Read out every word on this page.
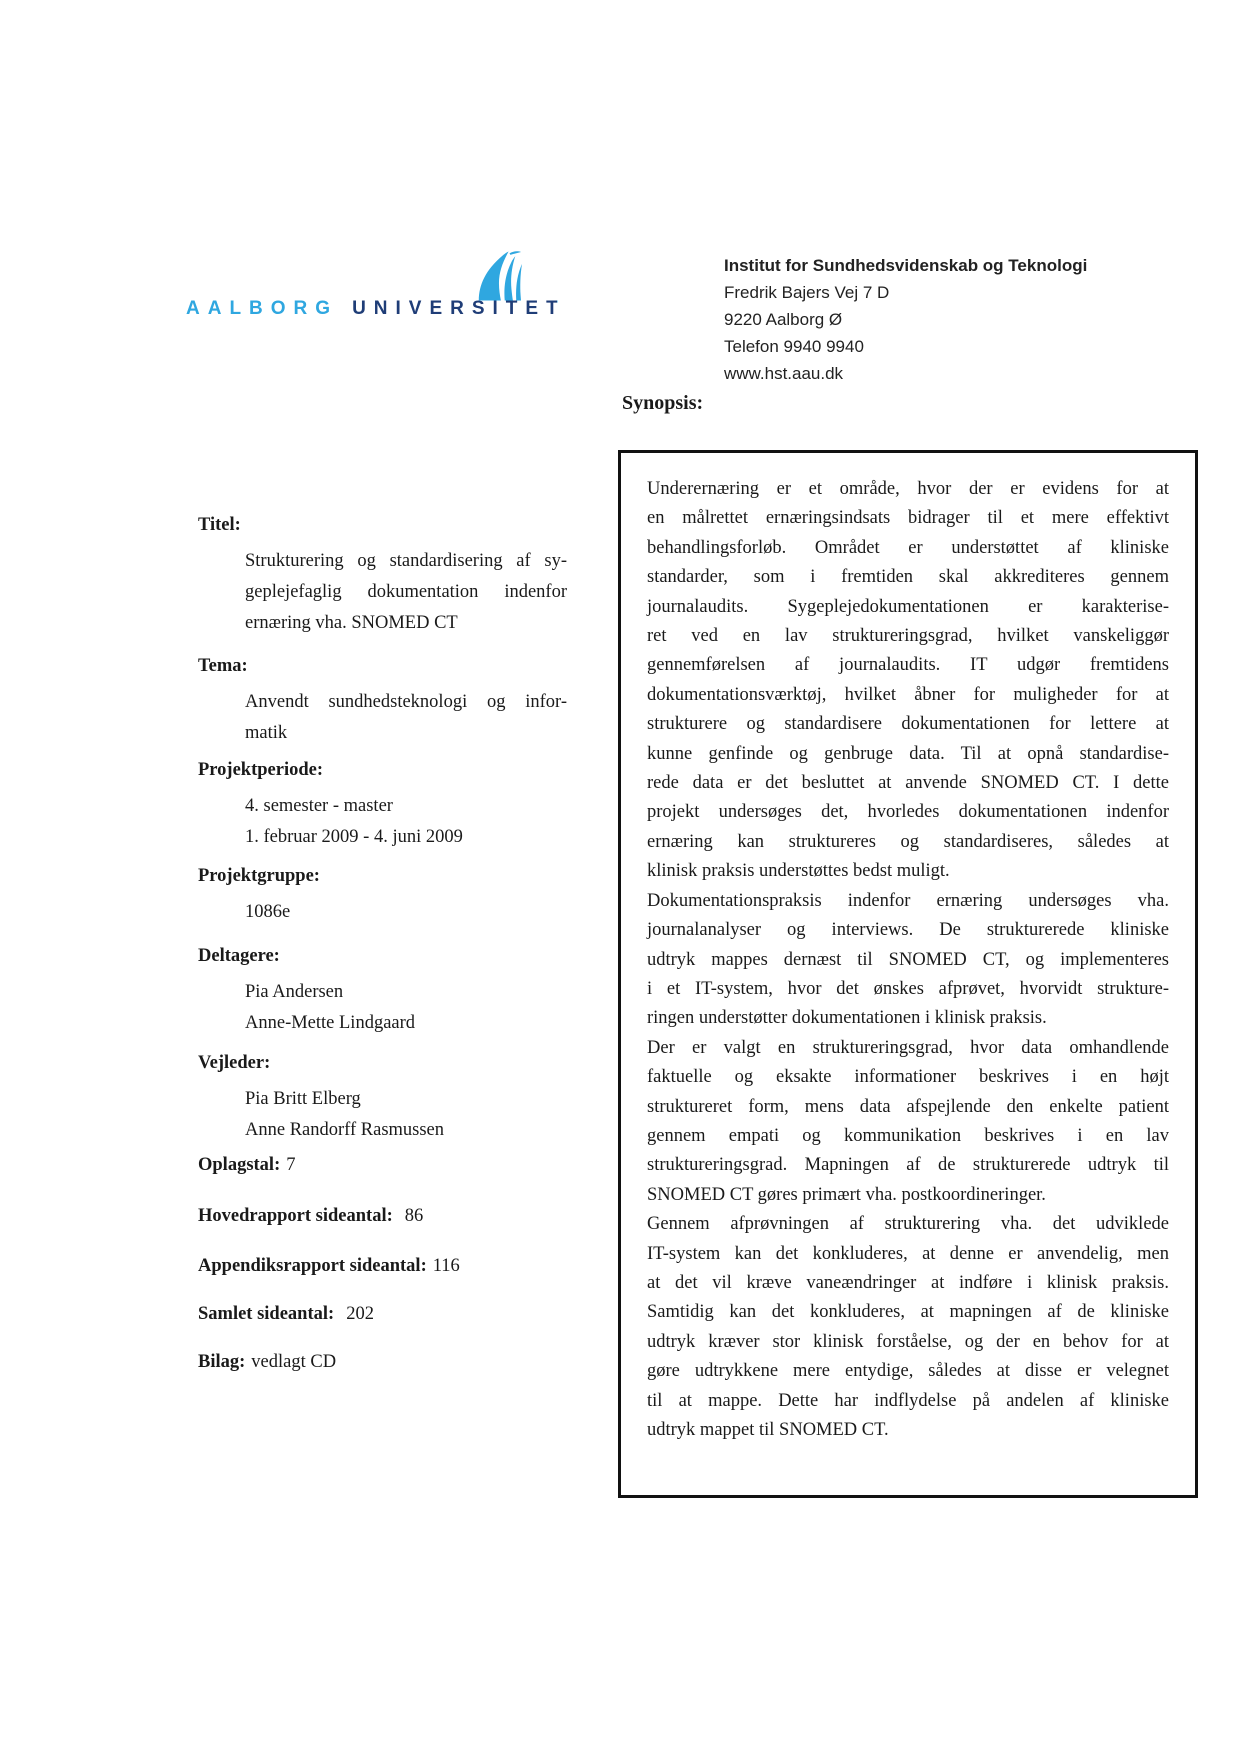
AALBORG UNIVERSITET
Institut for Sundhedsvidenskab og Teknologi
Fredrik Bajers Vej 7 D
9220 Aalborg Ø
Telefon 9940 9940
www.hst.aau.dk
Synopsis:
Underernæring er et område, hvor der er evidens for at
en målrettet ernæringsindsats bidrager til et mere effektivt
behandlingsforløb. Området er understøttet af kliniske
standarder, som i fremtiden skal akkrediteres gennem
journalaudits. Sygeplejedokumentationen er karakterise-
ret ved en lav struktureringsgrad, hvilket vanskeliggør
gennemførelsen af journalaudits. IT udgør fremtidens
dokumentationsværktøj, hvilket åbner for muligheder for at
strukturere og standardisere dokumentationen for lettere at
kunne genfinde og genbruge data. Til at opnå standardise-
rede data er det besluttet at anvende SNOMED CT. I dette
projekt undersøges det, hvorledes dokumentationen indenfor
ernæring kan struktureres og standardiseres, således at
klinisk praksis understøttes bedst muligt.
Dokumentationspraksis indenfor ernæring undersøges vha.
journalanalyser og interviews. De strukturerede kliniske
udtryk mappes dernæst til SNOMED CT, og implementeres
i et IT-system, hvor det ønskes afprøvet, hvorvidt strukture-
ringen understøtter dokumentationen i klinisk praksis.
Der er valgt en struktureringsgrad, hvor data omhandlende
faktuelle og eksakte informationer beskrives i en højt
struktureret form, mens data afspejlende den enkelte patient
gennem empati og kommunikation beskrives i en lav
struktureringsgrad. Mapningen af de strukturerede udtryk til
SNOMED CT gøres primært vha. postkoordineringer.
Gennem afprøvningen af strukturering vha. det udviklede
IT-system kan det konkluderes, at denne er anvendelig, men
at det vil kræve vaneændringer at indføre i klinisk praksis.
Samtidig kan det konkluderes, at mapningen af de kliniske
udtryk kræver stor klinisk forståelse, og der en behov for at
gøre udtrykkene mere entydige, således at disse er velegnet
til at mappe. Dette har indflydelse på andelen af kliniske
udtryk mappet til SNOMED CT.
Titel:
Strukturering og standardisering af sy-
geplejefaglig dokumentation indenfor
ernæring vha. SNOMED CT
Tema:
Anvendt sundhedsteknologi og infor-
matik
Projektperiode:
4. semester - master
1. februar 2009 - 4. juni 2009
Projektgruppe:
1086e
Deltagere:
Pia Andersen
Anne-Mette Lindgaard
Vejleder:
Pia Britt Elberg
Anne Randorff Rasmussen
Oplagstal: 7
Hovedrapport sideantal: 86
Appendiksrapport sideantal: 116
Samlet sideantal: 202
Bilag: vedlagt CD
